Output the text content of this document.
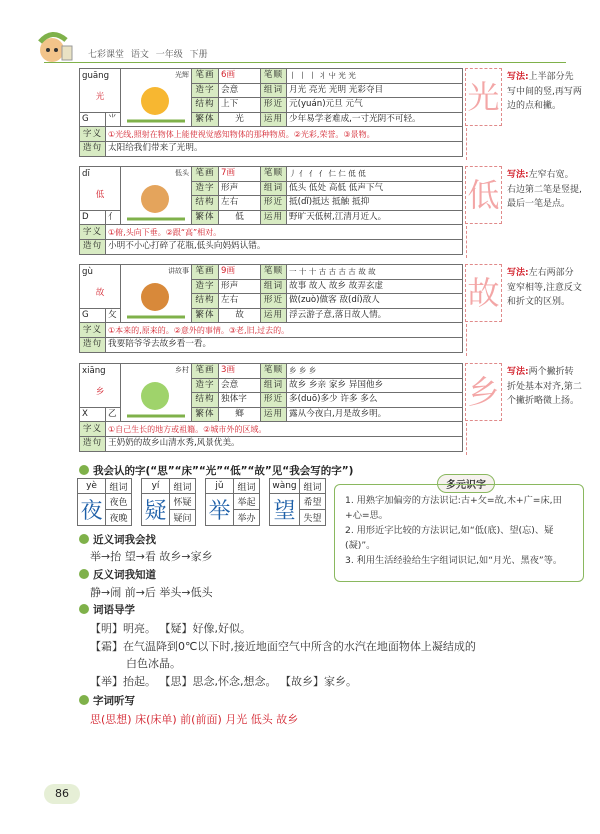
七彩课堂 语文 一年级 下册
guāng		光辉	笔画	6画	笔顺	丨 丨 丨 丬 屮 光 光
光			造字	会意	组词	月光 亮光 光明 光彩夺目
			结构	上下	形近	元(yuán)元旦 元气
G	⺌		繁体	光	运用	少年易学老难成,一寸光阴不可轻。
字义	①光线,照射在物体上能使视觉感知物体的那种物质。②光彩,荣誉。③景物。					
造句	太阳给我们带来了光明。					
光
写法:上半部分先写中间的竖,再写两边的点和撇。
dī		低头	笔画	7画	笔顺	丿 亻 亻 亻 仁 仁 低 低
低			造字	形声	组词	低头 低处 高低 低声下气
			结构	左右	形近	抵(dǐ)抵达 抵触 抵抑
D	亻		繁体	低	运用	野旷天低树,江清月近人。
字义	①俯,头向下垂。②跟“高”相对。					
造句	小明不小心打碎了花瓶,低头向妈妈认错。					
低
写法:左窄右宽。右边第二笔是竖提,最后一笔是点。
gù		讲故事	笔画	9画	笔顺	一 十 十 古 古 古 古 故 故
故			造字	形声	组词	故事 故人 故乡 故弄玄虚
			结构	左右	形近	做(zuò)做客 敌(dí)敌人
G	攵		繁体	故	运用	浮云游子意,落日故人情。
字义	①本来的,原来的。②意外的事情。③老,旧,过去的。					
造句	我要陪爷爷去故乡看一看。					
故
写法:左右两部分宽窄相等,注意反文和折文的区别。
xiāng		乡村	笔画	3画	笔顺	乡 乡 乡
乡			造字	会意	组词	故乡 乡亲 家乡 异国他乡
			结构	独体字	形近	多(duō)多少 许多 多么
X	乙		繁体	鄉	运用	露从今夜白,月是故乡明。
字义	①自己生长的地方或祖籍。②城市外的区域。					
造句	王奶奶的故乡山清水秀,风景优美。					
乡
写法:两个撇折转折处基本对齐,第二个撇折略微上扬。
我会认的字(“思”“床”“光”“低”“故”见“我会写的字”)
yè	组词
夜	夜色
	夜晚
yí	组词
疑	怀疑
	疑问
jǔ	组词
举	举起
	举办
wàng	组词
望	希望
	失望
多元识字
1. 用熟字加偏旁的方法识记:古+攵=故,木+广=床,田+心=思。
2. 用形近字比较的方法识记,如“低(底)、望(忘)、疑(凝)”。
3. 利用生活经验给生字组词识记,如“月光、黑夜”等。
近义词我会找
举→抬 望→看 故乡→家乡
反义词我知道
静→闹 前→后 举头→低头
词语导学
【明】明亮。 【疑】好像,好似。
【霜】在气温降到0℃以下时,接近地面空气中所含的水汽在地面物体上凝结成的
白色冰晶。
【举】抬起。 【思】思念,怀念,想念。 【故乡】家乡。
字词听写
思(思想) 床(床单) 前(前面) 月光 低头 故乡
86
